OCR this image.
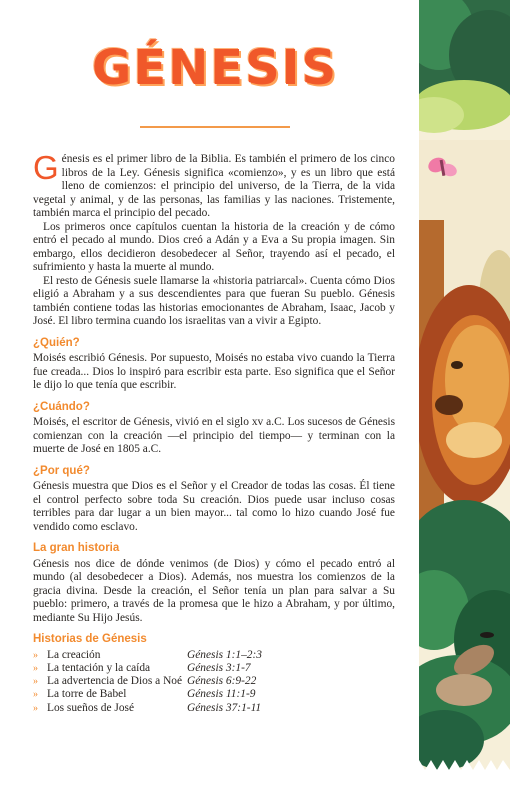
GÉNESIS

Génesis es el primer libro de la Biblia. Es también el primero de los cinco libros de la Ley. Génesis significa «comienzo», y es un libro que está lleno de comienzos: el principio del universo, de la Tierra, de la vida vegetal y animal, y de las personas, las familias y las naciones. Tristemente, también marca el principio del pecado.

Los primeros once capítulos cuentan la historia de la creación y de cómo entró el pecado al mundo. Dios creó a Adán y a Eva a Su propia imagen. Sin embargo, ellos decidieron desobedecer al Señor, trayendo así el pecado, el sufrimiento y hasta la muerte al mundo.

El resto de Génesis suele llamarse la «historia patriarcal». Cuenta cómo Dios eligió a Abraham y a sus descendientes para que fueran Su pueblo. Génesis también contiene todas las historias emocionantes de Abraham, Isaac, Jacob y José. El libro termina cuando los israelitas van a vivir a Egipto.

¿Quién?

Moisés escribió Génesis. Por supuesto, Moisés no estaba vivo cuando la Tierra fue creada... Dios lo inspiró para escribir esta parte. Eso significa que el Señor le dijo lo que tenía que escribir.

¿Cuándo?

Moisés, el escritor de Génesis, vivió en el siglo xv a.C. Los sucesos de Génesis comienzan con la creación —el principio del tiempo— y terminan con la muerte de José en 1805 a.C.

¿Por qué?

Génesis muestra que Dios es el Señor y el Creador de todas las cosas. Él tiene el control perfecto sobre toda Su creación. Dios puede usar incluso cosas terribles para dar lugar a un bien mayor... tal como lo hizo cuando José fue vendido como esclavo.

La gran historia

Génesis nos dice de dónde venimos (de Dios) y cómo el pecado entró al mundo (al desobedecer a Dios). Además, nos muestra los comienzos de la gracia divina. Desde la creación, el Señor tenía un plan para salvar a Su pueblo: primero, a través de la promesa que le hizo a Abraham, y por último, mediante Su Hijo Jesús.

Historias de Génesis
» La creación	Génesis 1:1–2:3
» La tentación y la caída	Génesis 3:1-7
» La advertencia de Dios a Noé Génesis 6:9-22
» La torre de Babel	Génesis 11:1-9
» Los sueños de José	Génesis 37:1-11
